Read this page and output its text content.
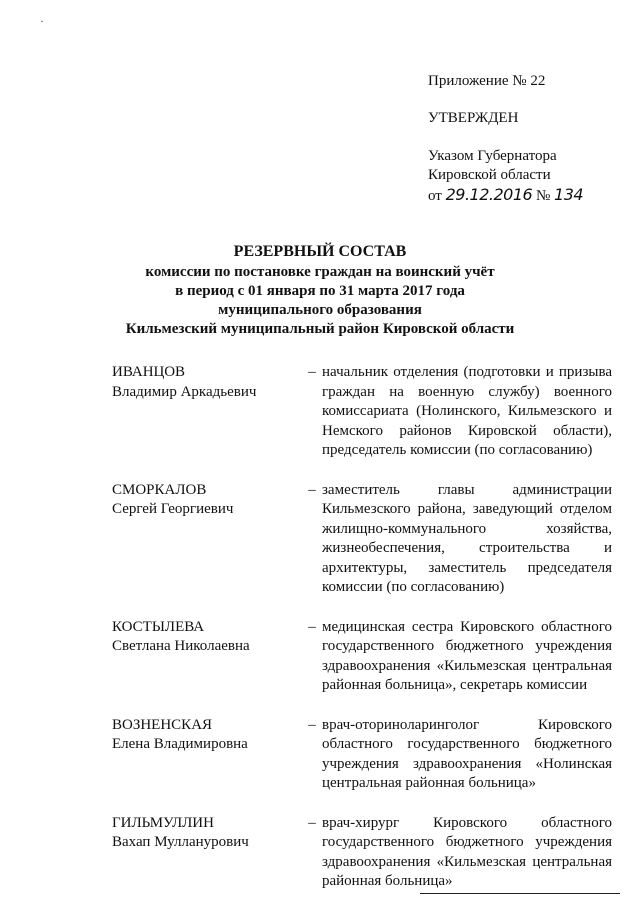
·
Приложение № 22
УТВЕРЖДЕН
Указом Губернатора
Кировской области
от 29.12.2016 № 134
РЕЗЕРВНЫЙ СОСТАВ
комиссии по постановке граждан на воинский учёт
в период с 01 января по 31 марта 2017 года
муниципального образования
Кильмезский муниципальный район Кировской области
ИВАНЦОВ
Владимир Аркадьевич
– начальник отделения (подготовки и призыва граждан на военную службу) военного комиссариата (Нолинского, Кильмезского и Немского районов Кировской области), председатель комиссии (по согласованию)
СМОРКАЛОВ
Сергей Георгиевич
– заместитель главы администрации Кильмезского района, заведующий отделом жилищно-коммунального хозяйства, жизнеобеспечения, строительства и архитектуры, заместитель председателя комиссии (по согласованию)
КОСТЫЛЕВА
Светлана Николаевна
– медицинская сестра Кировского областного государственного бюджетного учреждения здравоохранения «Кильмезская центральная районная больница», секретарь комиссии
ВОЗНЕНСКАЯ
Елена Владимировна
– врач-оториноларинголог Кировского областного государственного бюджетного учреждения здравоохранения «Нолинская центральная районная больница»
ГИЛЬМУЛЛИН
Вахап Мулланурович
– врач-хирург Кировского областного государственного бюджетного учреждения здравоохранения «Кильмезская центральная районная больница»
